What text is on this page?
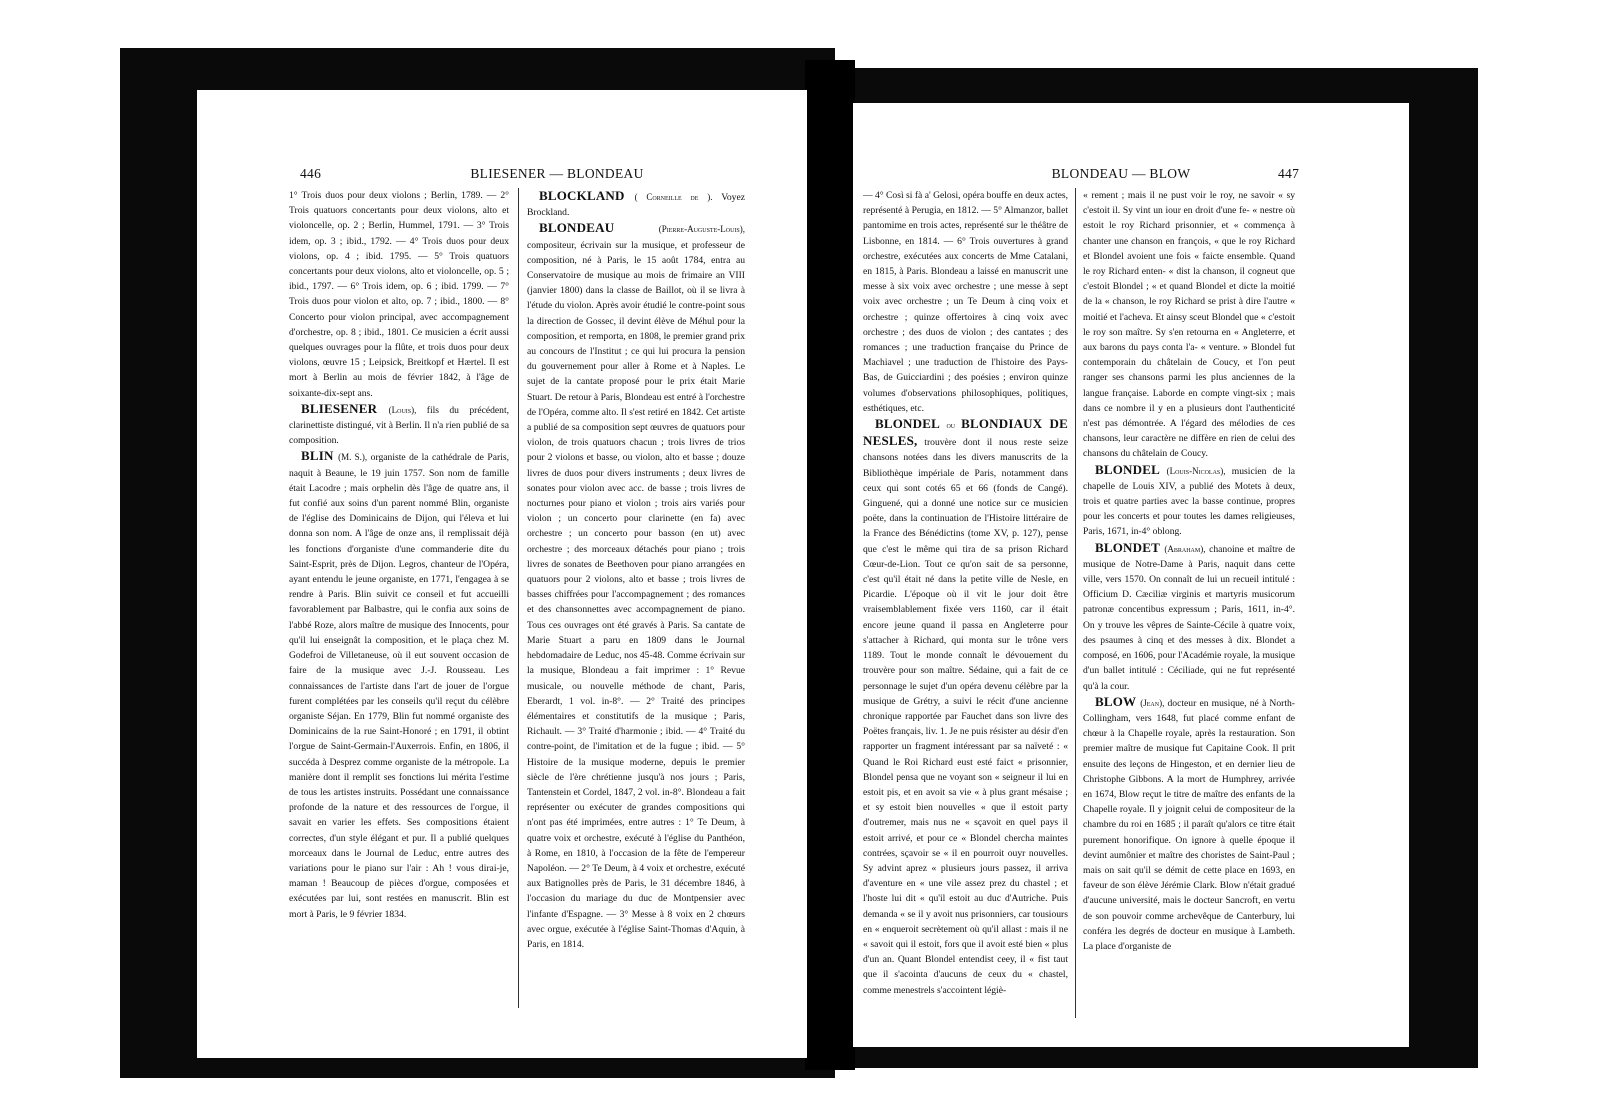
446	BLIESENER — BLONDEAU

1° Trois duos pour deux violons ; Berlin, 1789. — 2° Trois quatuors concertants pour deux violons, alto et violoncelle, op. 2 ; Berlin, Hummel, 1791. — 3° Trois idem, op. 3 ; ibid., 1792. — 4° Trois duos pour deux violons, op. 4 ; ibid. 1795. — 5° Trois quatuors concertants pour deux violons, alto et violoncelle, op. 5 ; ibid., 1797. — 6° Trois idem, op. 6 ; ibid. 1799. — 7° Trois duos pour violon et alto, op. 7 ; ibid., 1800. — 8° Concerto pour violon principal, avec accompagnement d'orchestre, op. 8 ; ibid., 1801. Ce musicien a écrit aussi quelques ouvrages pour la flûte, et trois duos pour deux violons, œuvre 15 ; Leipsick, Breitkopf et Hærtel. Il est mort à Berlin au mois de février 1842, à l'âge de soixante-dix-sept ans.

BLIESENER (Louis), fils du précédent, clarinettiste distingué, vit à Berlin. Il n'a rien publié de sa composition.

BLIN (M. S.), organiste de la cathédrale de Paris, naquit à Beaune, le 19 juin 1757. Son nom de famille était Lacodre ; mais orphelin dès l'âge de quatre ans, il fut confié aux soins d'un parent nommé Blin, organiste de l'église des Dominicains de Dijon, qui l'éleva et lui donna son nom. A l'âge de onze ans, il remplissait déjà les fonctions d'organiste d'une commanderie dite du Saint-Esprit, près de Dijon. Legros, chanteur de l'Opéra, ayant entendu le jeune organiste, en 1771, l'engagea à se rendre à Paris. Blin suivit ce conseil et fut accueilli favorablement par Balbastre, qui le confia aux soins de l'abbé Roze, alors maître de musique des Innocents, pour qu'il lui enseignât la composition, et le plaça chez M. Godefroi de Villetaneuse, où il eut souvent occasion de faire de la musique avec J.-J. Rousseau. Les connaissances de l'artiste dans l'art de jouer de l'orgue furent complétées par les conseils qu'il reçut du célèbre organiste Séjan. En 1779, Blin fut nommé organiste des Dominicains de la rue Saint-Honoré ; en 1791, il obtint l'orgue de Saint-Germain-l'Auxerrois. Enfin, en 1806, il succéda à Desprez comme organiste de la métropole. La manière dont il remplit ses fonctions lui mérita l'estime de tous les artistes instruits. Possédant une connaissance profonde de la nature et des ressources de l'orgue, il savait en varier les effets. Ses compositions étaient correctes, d'un style élégant et pur. Il a publié quelques morceaux dans le Journal de Leduc, entre autres des variations pour le piano sur l'air : Ah ! vous dirai-je, maman ! Beaucoup de pièces d'orgue, composées et exécutées par lui, sont restées en manuscrit. Blin est mort à Paris, le 9 février 1834.

BLOCKLAND ( Corneille de ). Voyez Brockland.

BLONDEAU (Pierre-Auguste-Louis), compositeur, écrivain sur la musique, et professeur de composition, né à Paris, le 15 août 1784, entra au Conservatoire de musique au mois de frimaire an VIII (janvier 1800) dans la classe de Baillot, où il se livra à l'étude du violon. Après avoir étudié le contre-point sous la direction de Gossec, il devint élève de Méhul pour la composition, et remporta, en 1808, le premier grand prix au concours de l'Institut ; ce qui lui procura la pension du gouvernement pour aller à Rome et à Naples. Le sujet de la cantate proposé pour le prix était Marie Stuart. De retour à Paris, Blondeau est entré à l'orchestre de l'Opéra, comme alto. Il s'est retiré en 1842. Cet artiste a publié de sa composition sept œuvres de quatuors pour violon, de trois quatuors chacun ; trois livres de trios pour 2 violons et basse, ou violon, alto et basse ; douze livres de duos pour divers instruments ; deux livres de sonates pour violon avec acc. de basse ; trois livres de nocturnes pour piano et violon ; trois airs variés pour violon ; un concerto pour clarinette (en fa) avec orchestre ; un concerto pour basson (en ut) avec orchestre ; des morceaux détachés pour piano ; trois livres de sonates de Beethoven pour piano arrangées en quatuors pour 2 violons, alto et basse ; trois livres de basses chiffrées pour l'accompagnement ; des romances et des chansonnettes avec accompagnement de piano. Tous ces ouvrages ont été gravés à Paris. Sa cantate de Marie Stuart a paru en 1809 dans le Journal hebdomadaire de Leduc, nos 45-48. Comme écrivain sur la musique, Blondeau a fait imprimer : 1° Revue musicale, ou nouvelle méthode de chant, Paris, Eberardt, 1 vol. in-8°. — 2° Traité des principes élémentaires et constitutifs de la musique ; Paris, Richault. — 3° Traité d'harmonie ; ibid. — 4° Traité du contre-point, de l'imitation et de la fugue ; ibid. — 5° Histoire de la musique moderne, depuis le premier siècle de l'ère chrétienne jusqu'à nos jours ; Paris, Tantenstein et Cordel, 1847, 2 vol. in-8°. Blondeau a fait représenter ou exécuter de grandes compositions qui n'ont pas été imprimées, entre autres : 1° Te Deum, à quatre voix et orchestre, exécuté à l'église du Panthéon, à Rome, en 1810, à l'occasion de la fête de l'empereur Napoléon. — 2° Te Deum, à 4 voix et orchestre, exécuté aux Batignolles près de Paris, le 31 décembre 1846, à l'occasion du mariage du duc de Montpensier avec l'infante d'Espagne. — 3° Messe à 8 voix en 2 chœurs avec orgue, exécutée à l'église Saint-Thomas d'Aquin, à Paris, en 1814.

BLONDEAU — BLOW	447

— 4° Così si fà a' Gelosi, opéra bouffe en deux actes, représenté à Perugia, en 1812. — 5° Almanzor, ballet pantomime en trois actes, représenté sur le théâtre de Lisbonne, en 1814. — 6° Trois ouvertures à grand orchestre, exécutées aux concerts de Mme Catalani, en 1815, à Paris. Blondeau a laissé en manuscrit une messe à six voix avec orchestre ; une messe à sept voix avec orchestre ; un Te Deum à cinq voix et orchestre ; quinze offertoires à cinq voix avec orchestre ; des duos de violon ; des cantates ; des romances ; une traduction française du Prince de Machiavel ; une traduction de l'histoire des Pays-Bas, de Guicciardini ; des poésies ; environ quinze volumes d'observations philosophiques, politiques, esthétiques, etc.

BLONDEL ou BLONDIAUX DE NESLES, trouvère dont il nous reste seize chansons notées dans les divers manuscrits de la Bibliothèque impériale de Paris, notamment dans ceux qui sont cotés 65 et 66 (fonds de Cangé). Ginguené, qui a donné une notice sur ce musicien poëte, dans la continuation de l'Histoire littéraire de la France des Bénédictins (tome XV, p. 127), pense que c'est le même qui tira de sa prison Richard Cœur-de-Lion. Tout ce qu'on sait de sa personne, c'est qu'il était né dans la petite ville de Nesle, en Picardie. L'époque où il vit le jour doit être vraisemblablement fixée vers 1160, car il était encore jeune quand il passa en Angleterre pour s'attacher à Richard, qui monta sur le trône vers 1189. Tout le monde connaît le dévouement du trouvère pour son maître. Sédaine, qui a fait de ce personnage le sujet d'un opéra devenu célèbre par la musique de Grétry, a suivi le récit d'une ancienne chronique rapportée par Fauchet dans son livre des Poëtes français, liv. 1. Je ne puis résister au désir d'en rapporter un fragment intéressant par sa naïveté : « Quand le Roi Richard eust esté faict « prisonnier, Blondel pensa que ne voyant son « seigneur il lui en estoit pis, et en avoit sa vie « à plus grant mésaise ; et sy estoit bien nouvelles « que il estoit party d'outremer, mais nus ne « sçavoit en quel pays il estoit arrivé, et pour ce « Blondel chercha maintes contrées, sçavoir se « il en pourroit ouyr nouvelles. Sy advint aprez « plusieurs jours passez, il arriva d'aventure en « une vile assez prez du chastel ; et l'hoste lui dit « qu'il estoit au duc d'Autriche. Puis demanda « se il y avoit nus prisonniers, car tousiours en « enqueroit secrètement où qu'il allast : mais il ne « savoit qui il estoit, fors que il avoit esté bien « plus d'un an. Quant Blondel entendist ceey, il « fist taut que il s'acointa d'aucuns de ceux du « chastel, comme menestrels s'accointent légiè-

« rement ; mais il ne pust voir le roy, ne savoir « sy c'estoit il. Sy vint un iour en droit d'une fe- « nestre où estoit le roy Richard prisonnier, et « commença à chanter une chanson en françois, « que le roy Richard et Blondel avoient une fois « faicte ensemble. Quand le roy Richard enten- « dist la chanson, il cogneut que c'estoit Blondel ; « et quand Blondel et dicte la moitié de la « chanson, le roy Richard se prist à dire l'autre « moitié et l'acheva. Et ainsy sceut Blondel que « c'estoit le roy son maître. Sy s'en retourna en « Angleterre, et aux barons du pays conta l'a- « venture. » Blondel fut contemporain du châtelain de Coucy, et l'on peut ranger ses chansons parmi les plus anciennes de la langue française. Laborde en compte vingt-six ; mais dans ce nombre il y en a plusieurs dont l'authenticité n'est pas démontrée. A l'égard des mélodies de ces chansons, leur caractère ne diffère en rien de celui des chansons du châtelain de Coucy.

BLONDEL (Louis-Nicolas), musicien de la chapelle de Louis XIV, a publié des Motets à deux, trois et quatre parties avec la basse continue, propres pour les concerts et pour toutes les dames religieuses, Paris, 1671, in-4° oblong.

BLONDET (Abraham), chanoine et maître de musique de Notre-Dame à Paris, naquit dans cette ville, vers 1570. On connaît de lui un recueil intitulé : Officium D. Cæciliæ virginis et martyris musicorum patronæ concentibus expressum ; Paris, 1611, in-4°. On y trouve les vêpres de Sainte-Cécile à quatre voix, des psaumes à cinq et des messes à dix. Blondet a composé, en 1606, pour l'Académie royale, la musique d'un ballet intitulé : Céciliade, qui ne fut représenté qu'à la cour.

BLOW (Jean), docteur en musique, né à North-Collingham, vers 1648, fut placé comme enfant de chœur à la Chapelle royale, après la restauration. Son premier maître de musique fut Capitaine Cook. Il prit ensuite des leçons de Hingeston, et en dernier lieu de Christophe Gibbons. A la mort de Humphrey, arrivée en 1674, Blow reçut le titre de maître des enfants de la Chapelle royale. Il y joignit celui de compositeur de la chambre du roi en 1685 ; il paraît qu'alors ce titre était purement honorifique. On ignore à quelle époque il devint aumônier et maître des choristes de Saint-Paul ; mais on sait qu'il se démit de cette place en 1693, en faveur de son élève Jérémie Clark. Blow n'était gradué d'aucune université, mais le docteur Sancroft, en vertu de son pouvoir comme archevêque de Canterbury, lui conféra les degrés de docteur en musique à Lambeth. La place d'organiste de
